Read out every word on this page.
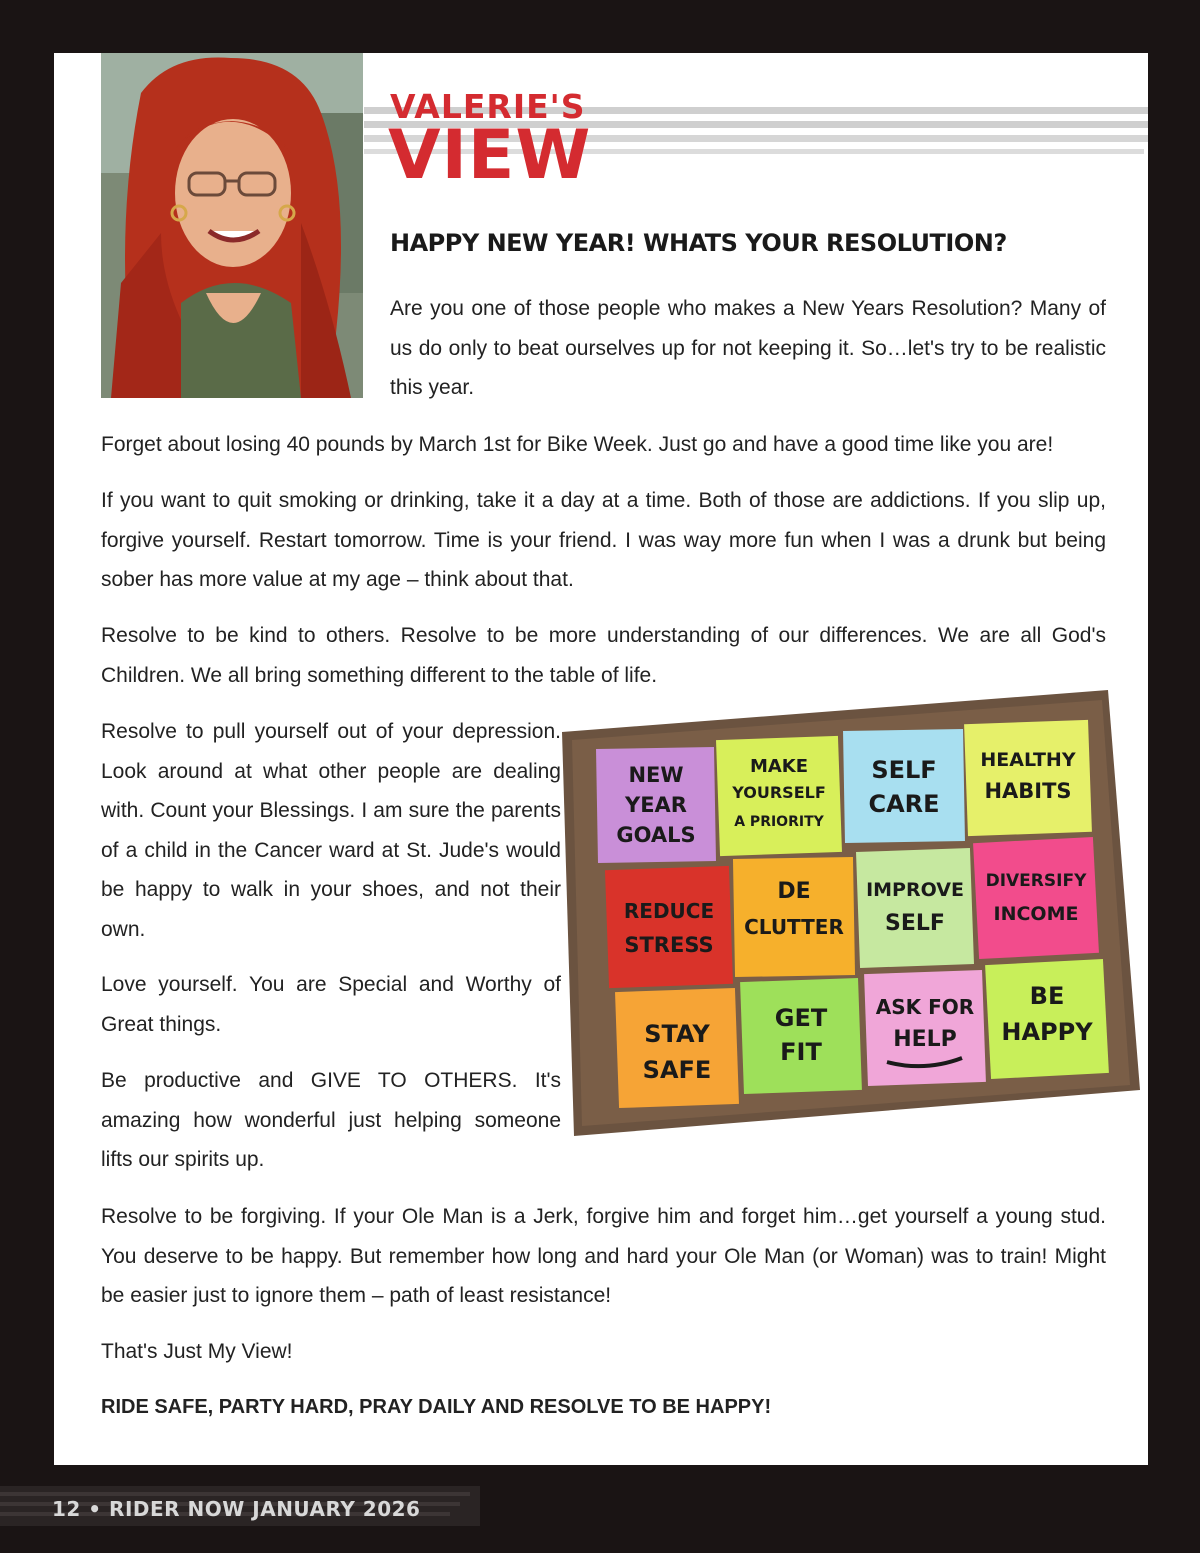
VALERIE'S
VIEW
HAPPY NEW YEAR! WHATS YOUR RESOLUTION?
Are you one of those people who makes a New Years Resolution? Many of us do only to beat ourselves up for not keeping it. So…let's try to be realistic this year.
Forget about losing 40 pounds by March 1st for Bike Week. Just go and have a good time like you are!
If you want to quit smoking or drinking, take it a day at a time. Both of those are addictions. If you slip up, forgive yourself. Restart tomorrow. Time is your friend. I was way more fun when I was a drunk but being sober has more value at my age – think about that.
Resolve to be kind to others. Resolve to be more understanding of our differences. We are all God's Children. We all bring something different to the table of life.
Resolve to pull yourself out of your depression. Look around at what other people are dealing with. Count your Blessings. I am sure the parents of a child in the Cancer ward at St. Jude's would be happy to walk in your shoes, and not their own.
Love yourself. You are Special and Worthy of Great things.
Be productive and GIVE TO OTHERS. It's amazing how wonderful just helping someone lifts our spirits up.
Resolve to be forgiving. If your Ole Man is a Jerk, forgive him and forget him…get yourself a young stud. You deserve to be happy. But remember how long and hard your Ole Man (or Woman) was to train! Might be easier just to ignore them – path of least resistance!
That's Just My View!
RIDE SAFE, PARTY HARD, PRAY DAILY AND RESOLVE TO BE HAPPY!
NEW
YEAR
GOALS
MAKE
YOURSELF
A PRIORITY
SELF
CARE
HEALTHY
HABITS
REDUCE
STRESS
DE
CLUTTER
IMPROVE
SELF
DIVERSIFY
INCOME
STAY
SAFE
GET
FIT
ASK FOR
HELP
BE
HAPPY
12 • RIDER NOW JANUARY 2026
